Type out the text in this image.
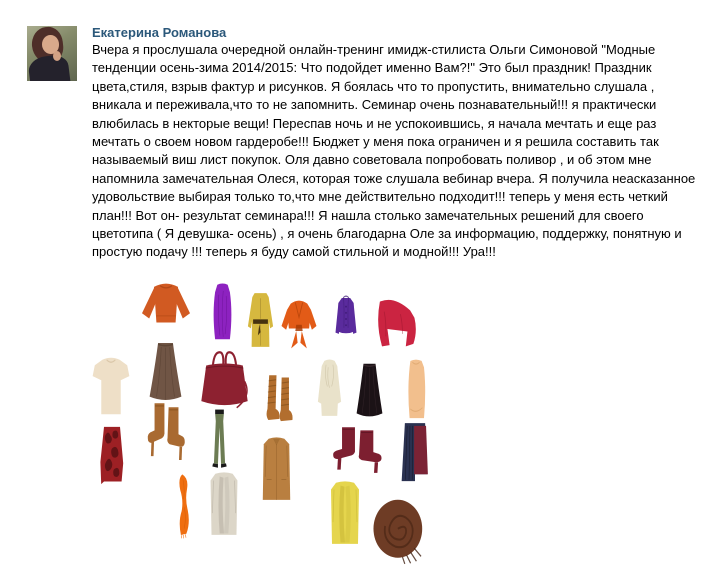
Екатерина Романова
Вчера я прослушала очередной онлайн-тренинг имидж-стилиста Ольги Симоновой "Модные
тенденции осень-зима 2014/2015: Что подойдет именно Вам?!" Это был праздник! Праздник
цвета,стиля, взрыв фактур и рисунков. Я боялась что то пропустить, внимательно слушала ,
вникала и переживала,что то не запомнить. Семинар очень познавательный!!! я практически
влюбилась в некторые вещи! Переспав ночь и не успокоившись, я начала мечтать и еще раз
мечтать о своем новом гардеробе!!! Бюджет у меня пока ограничен и я решила составить так
называемый виш лист покупок. Оля давно советовала попробовать поливор , и об этом мне
напомнила замечательная Олеся, которая тоже слушала вебинар вчера. Я получила неасказанное
удовольствие выбирая только то,что мне действительно подходит!!! теперь у меня есть четкий
план!!! Вот он- результат семинара!!! Я нашла столько замечательных решений для своего
цветотипа ( Я девушка- осень) , я очень благодарна Оле за информацию, поддержку, понятную и
простую подачу !!! теперь я буду самой стильной и модной!!! Ура!!!
